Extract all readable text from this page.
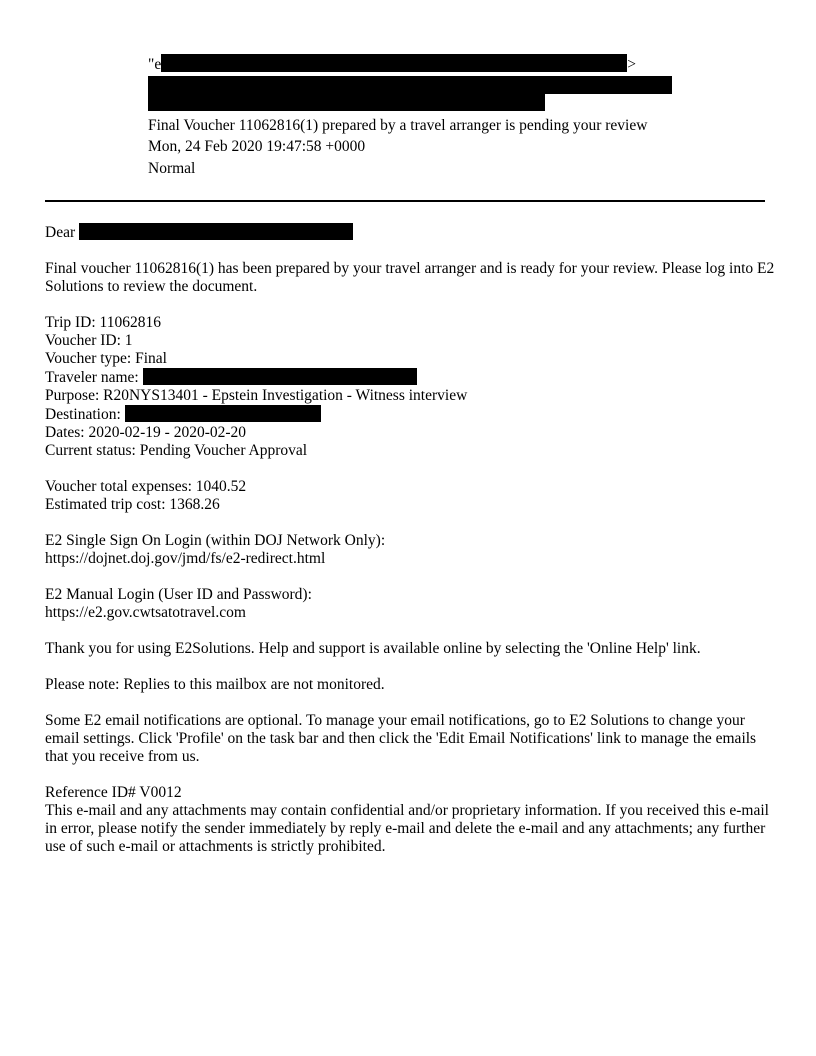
"e	>
Final Voucher 11062816(1) prepared by a travel arranger is pending your review
Mon, 24 Feb 2020 19:47:58 +0000
Normal
Dear
Final voucher 11062816(1) has been prepared by your travel arranger and is ready for your review. Please log into E2 Solutions to review the document.
Trip ID: 11062816
Voucher ID: 1
Voucher type: Final
Traveler name:
Purpose: R20NYS13401 - Epstein Investigation - Witness interview
Destination:
Dates: 2020-02-19 - 2020-02-20
Current status: Pending Voucher Approval
Voucher total expenses: 1040.52
Estimated trip cost: 1368.26
E2 Single Sign On Login (within DOJ Network Only):
https://dojnet.doj.gov/jmd/fs/e2-redirect.html
E2 Manual Login (User ID and Password):
https://e2.gov.cwtsatotravel.com
Thank you for using E2Solutions. Help and support is available online by selecting the 'Online Help' link.
Please note: Replies to this mailbox are not monitored.
Some E2 email notifications are optional. To manage your email notifications, go to E2 Solutions to change your email settings. Click 'Profile' on the task bar and then click the 'Edit Email Notifications' link to manage the emails that you receive from us.
Reference ID# V0012
This e-mail and any attachments may contain confidential and/or proprietary information. If you received this e-mail in error, please notify the sender immediately by reply e-mail and delete the e-mail and any attachments; any further use of such e-mail or attachments is strictly prohibited.
